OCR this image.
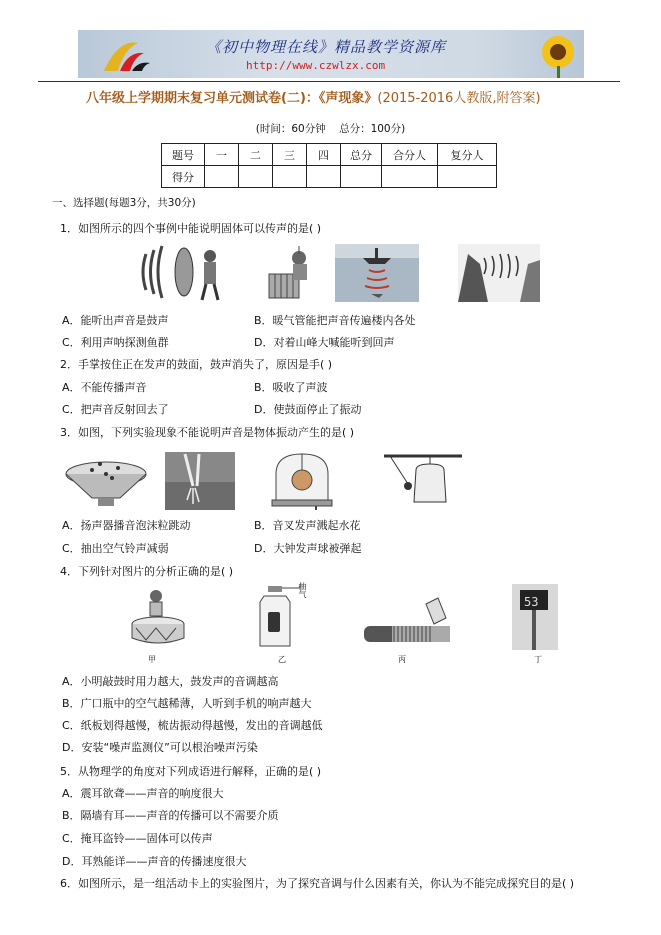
《初中物理在线》精品教学资源库
http://www.czwlzx.com
八年级上学期期末复习单元测试卷(二)：《声现象》(2015-2016人教版,附答案)
(时间：60分钟    总分：100分)
题号	一	二	三	四	总分	合分人	复分人
得分							
一、选择题(每题3分，共30分)
1．如图所示的四个事例中能说明固体可以传声的是( )
A．能听出声音是鼓声	B．暖气管能把声音传遍楼内各处
C．利用声呐探测鱼群	D．对着山峰大喊能听到回声
2．手掌按住正在发声的鼓面，鼓声消失了，原因是手( )
A．不能传播声音	B．吸收了声波
C．把声音反射回去了	D．使鼓面停止了振动
3．如图，下列实验现象不能说明声音是物体振动产生的是( )
A．扬声器播音泡沫粒跳动	B．音叉发声溅起水花
C．抽出空气铃声减弱	D．大钟发声球被弹起
4．下列针对图片的分析正确的是( )
甲
抽气
乙	丙
53
丁
A．小明敲鼓时用力越大，鼓发声的音调越高
B．广口瓶中的空气越稀薄，人听到手机的响声越大
C．纸板划得越慢，梳齿振动得越慢，发出的音调越低
D．安装“噪声监测仪”可以根治噪声污染
5．从物理学的角度对下列成语进行解释，正确的是( )
A．震耳欲聋——声音的响度很大
B．隔墙有耳——声音的传播可以不需要介质
C．掩耳盗铃——固体可以传声
D．耳熟能详——声音的传播速度很大
6．如图所示，是一组活动卡上的实验图片，为了探究音调与什么因素有关，你认为不能完成探究目的是( )
